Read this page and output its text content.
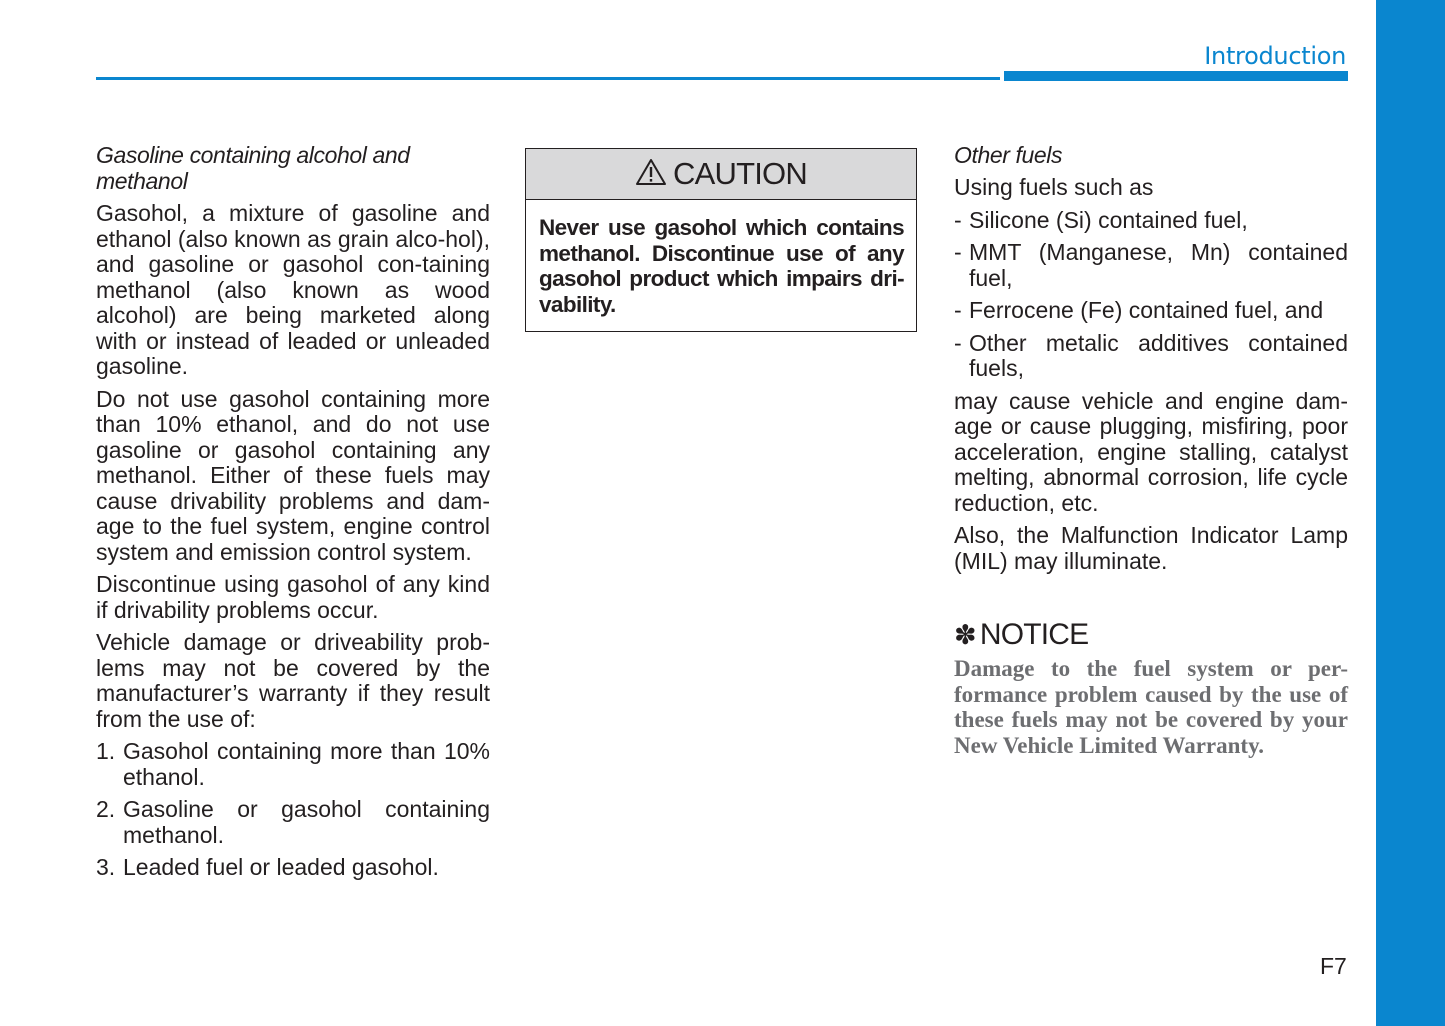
Introduction
Gasoline containing alcohol and methanol

Gasohol, a mixture of gasoline and ethanol (also known as grain alco-hol), and gasoline or gasohol con-taining methanol (also known as wood alcohol) are being marketed along with or instead of leaded or unleaded gasoline.

Do not use gasohol containing more than 10% ethanol, and do not use gasoline or gasohol containing any methanol. Either of these fuels may cause drivability problems and dam-age to the fuel system, engine control system and emission control system.

Discontinue using gasohol of any kind if drivability problems occur.

Vehicle damage or driveability prob-lems may not be covered by the manufacturer’s warranty if they result from the use of:

1. Gasohol containing more than 10% ethanol.
2. Gasoline or gasohol containing methanol.
3. Leaded fuel or leaded gasohol.
CAUTION
Never use gasohol which contains methanol. Discontinue use of any gasohol product which impairs dri-vability.
Other fuels

Using fuels such as

- Silicone (Si) contained fuel,
- MMT (Manganese, Mn) contained fuel,
- Ferrocene (Fe) contained fuel, and
- Other metalic additives contained fuels,

may cause vehicle and engine dam-age or cause plugging, misfiring, poor acceleration, engine stalling, catalyst melting, abnormal corrosion, life cycle reduction, etc.

Also, the Malfunction Indicator Lamp (MIL) may illuminate.

✽ NOTICE
Damage to the fuel system or per-formance problem caused by the use of these fuels may not be covered by your New Vehicle Limited Warranty.
F7
